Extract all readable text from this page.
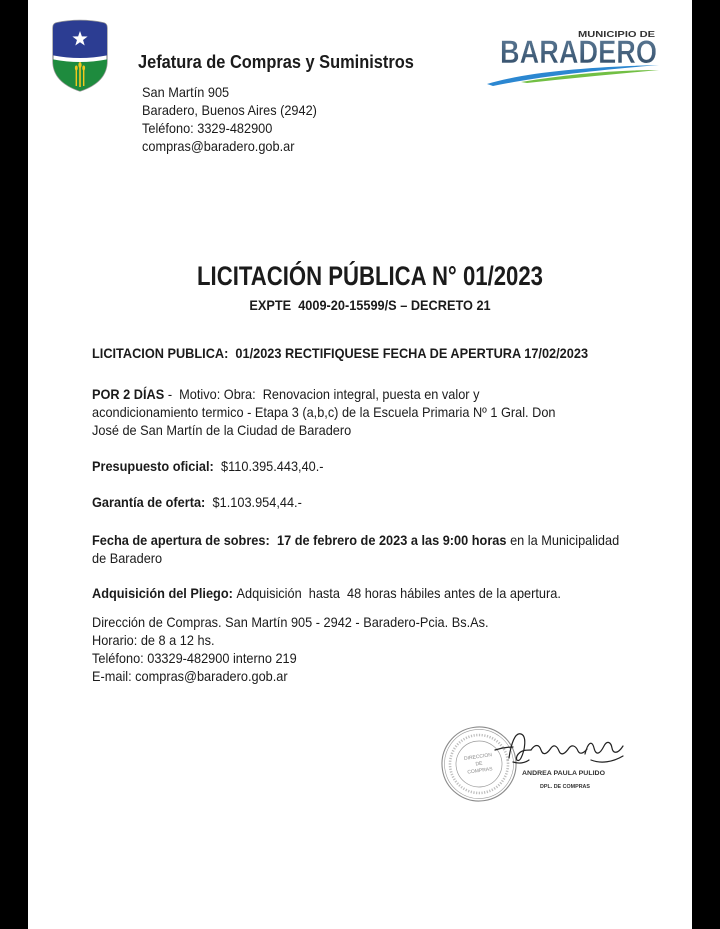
Jefatura de Compras y Suministros
San Martín 905
Baradero, Buenos Aires (2942)
Teléfono: 3329-482900
compras@baradero.gob.ar
MUNICIPIO DE
BARADERO
LICITACIÓN PÚBLICA N° 01/2023
EXPTE  4009-20-15599/S – DECRETO 21
LICITACION PUBLICA:  01/2023 RECTIFIQUESE FECHA DE APERTURA 17/02/2023
POR 2 DÍAS -  Motivo: Obra:  Renovacion integral, puesta en valor y
acondicionamiento termico - Etapa 3 (a,b,c) de la Escuela Primaria Nº 1 Gral. Don
José de San Martín de la Ciudad de Baradero
Presupuesto oficial: $110.395.443,40.-
Garantía de oferta: $1.103.954,44.-
Fecha de apertura de sobres: 17 de febrero de 2023 a las 9:00 horas en la Municipalidad
de Baradero
Adquisición del Pliego: Adquisición  hasta  48 horas hábiles antes de la apertura.
Dirección de Compras. San Martín 905 - 2942 - Baradero-Pcia. Bs.As.
Horario: de 8 a 12 hs.
Teléfono: 03329-482900 interno 219
E-mail: compras@baradero.gob.ar
DIRECCION
DE
COMPRAS	ANDREA PAULA PULIDO
DPL. DE COMPRAS
